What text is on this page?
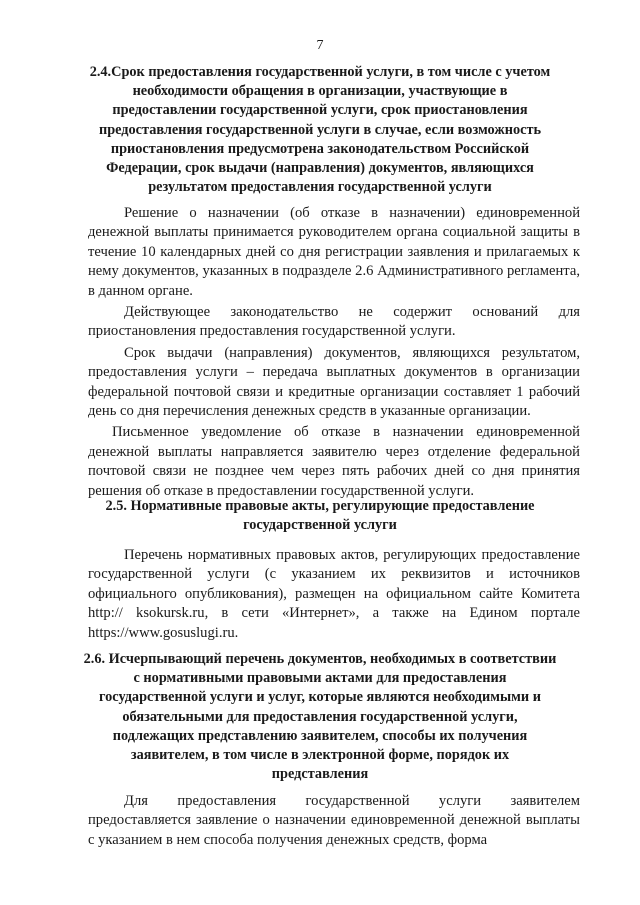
7

2.4.Срок предоставления государственной услуги, в том числе с учетом необходимости обращения в организации, участвующие в предоставлении государственной услуги, срок приостановления предоставления государственной услуги в случае, если возможность приостановления предусмотрена законодательством Российской Федерации, срок выдачи (направления) документов, являющихся результатом предоставления государственной услуги

Решение о назначении (об отказе в назначении) единовременной денежной выплаты принимается руководителем органа социальной защиты в течение 10 календарных дней со дня регистрации заявления и прилагаемых к нему документов, указанных в подразделе 2.6 Административного регламента, в данном органе.

Действующее законодательство не содержит оснований для приостановления предоставления государственной услуги.

Срок выдачи (направления) документов, являющихся результатом, предоставления услуги – передача выплатных документов в организации федеральной почтовой связи и кредитные организации составляет 1 рабочий день со дня перечисления денежных средств в указанные организации.

Письменное уведомление об отказе в назначении единовременной денежной выплаты направляется заявителю через отделение федеральной почтовой связи не позднее чем через пять рабочих дней со дня принятия решения об отказе в предоставлении государственной услуги.

2.5. Нормативные правовые акты, регулирующие предоставление государственной услуги

Перечень нормативных правовых актов, регулирующих предоставление государственной услуги (с указанием их реквизитов и источников официального опубликования), размещен на официальном сайте Комитета http:// ksokursk.ru, в сети «Интернет», а также на Едином портале https://www.gosuslugi.ru.

2.6. Исчерпывающий перечень документов, необходимых в соответствии с нормативными правовыми актами для предоставления государственной услуги и услуг, которые являются необходимыми и обязательными для предоставления государственной услуги, подлежащих представлению заявителем, способы их получения заявителем, в том числе в электронной форме, порядок их представления

Для предоставления государственной услуги заявителем предоставляется заявление о назначении единовременной денежной выплаты с указанием в нем способа получения денежных средств, форма
